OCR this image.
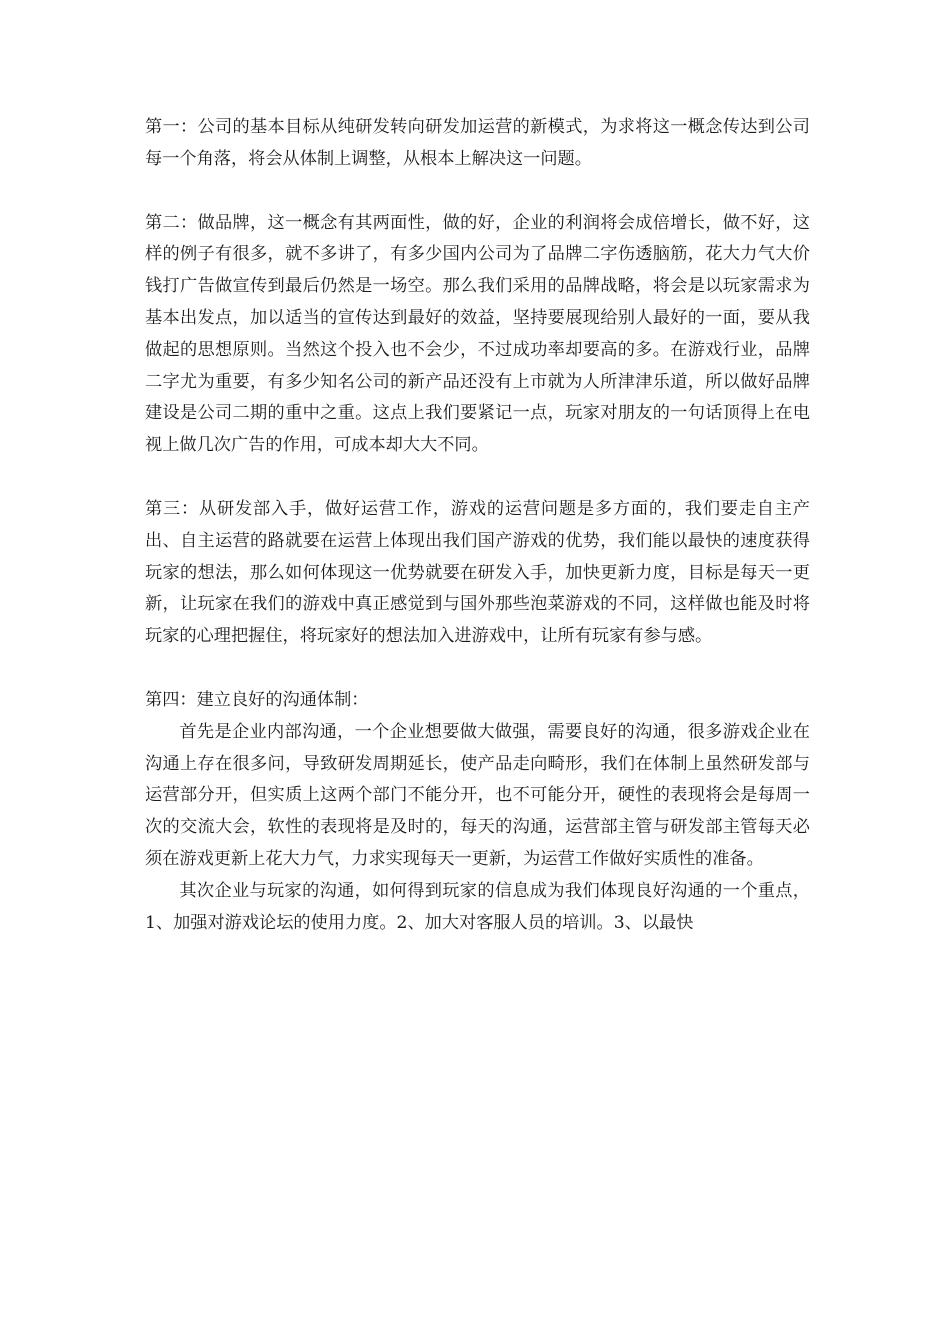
第一：公司的基本目标从纯研发转向研发加运营的新模式，为求将这一概念传达到公司每一个角落，将会从体制上调整，从根本上解决这一问题。

第二：做品牌，这一概念有其两面性，做的好，企业的利润将会成倍增长，做不好，这样的例子有很多，就不多讲了，有多少国内公司为了品牌二字伤透脑筋，花大力气大价钱打广告做宣传到最后仍然是一场空。那么我们采用的品牌战略，将会是以玩家需求为基本出发点，加以适当的宣传达到最好的效益，坚持要展现给别人最好的一面，要从我做起的思想原则。当然这个投入也不会少，不过成功率却要高的多。在游戏行业，品牌二字尤为重要，有多少知名公司的新产品还没有上市就为人所津津乐道，所以做好品牌建设是公司二期的重中之重。这点上我们要紧记一点，玩家对朋友的一句话顶得上在电视上做几次广告的作用，可成本却大大不同。

第三：从研发部入手，做好运营工作，游戏的运营问题是多方面的，我们要走自主产出、自主运营的路就要在运营上体现出我们国产游戏的优势，我们能以最快的速度获得玩家的想法，那么如何体现这一优势就要在研发入手，加快更新力度，目标是每天一更新，让玩家在我们的游戏中真正感觉到与国外那些泡菜游戏的不同，这样做也能及时将玩家的心理把握住，将玩家好的想法加入进游戏中，让所有玩家有参与感。

第四：建立良好的沟通体制：

首先是企业内部沟通，一个企业想要做大做强，需要良好的沟通，很多游戏企业在沟通上存在很多问，导致研发周期延长，使产品走向畸形，我们在体制上虽然研发部与运营部分开，但实质上这两个部门不能分开，也不可能分开，硬性的表现将会是每周一次的交流大会，软性的表现将是及时的，每天的沟通，运营部主管与研发部主管每天必须在游戏更新上花大力气，力求实现每天一更新，为运营工作做好实质性的准备。

其次企业与玩家的沟通，如何得到玩家的信息成为我们体现良好沟通的一个重点，1、加强对游戏论坛的使用力度。2、加大对客服人员的培训。3、以最快
